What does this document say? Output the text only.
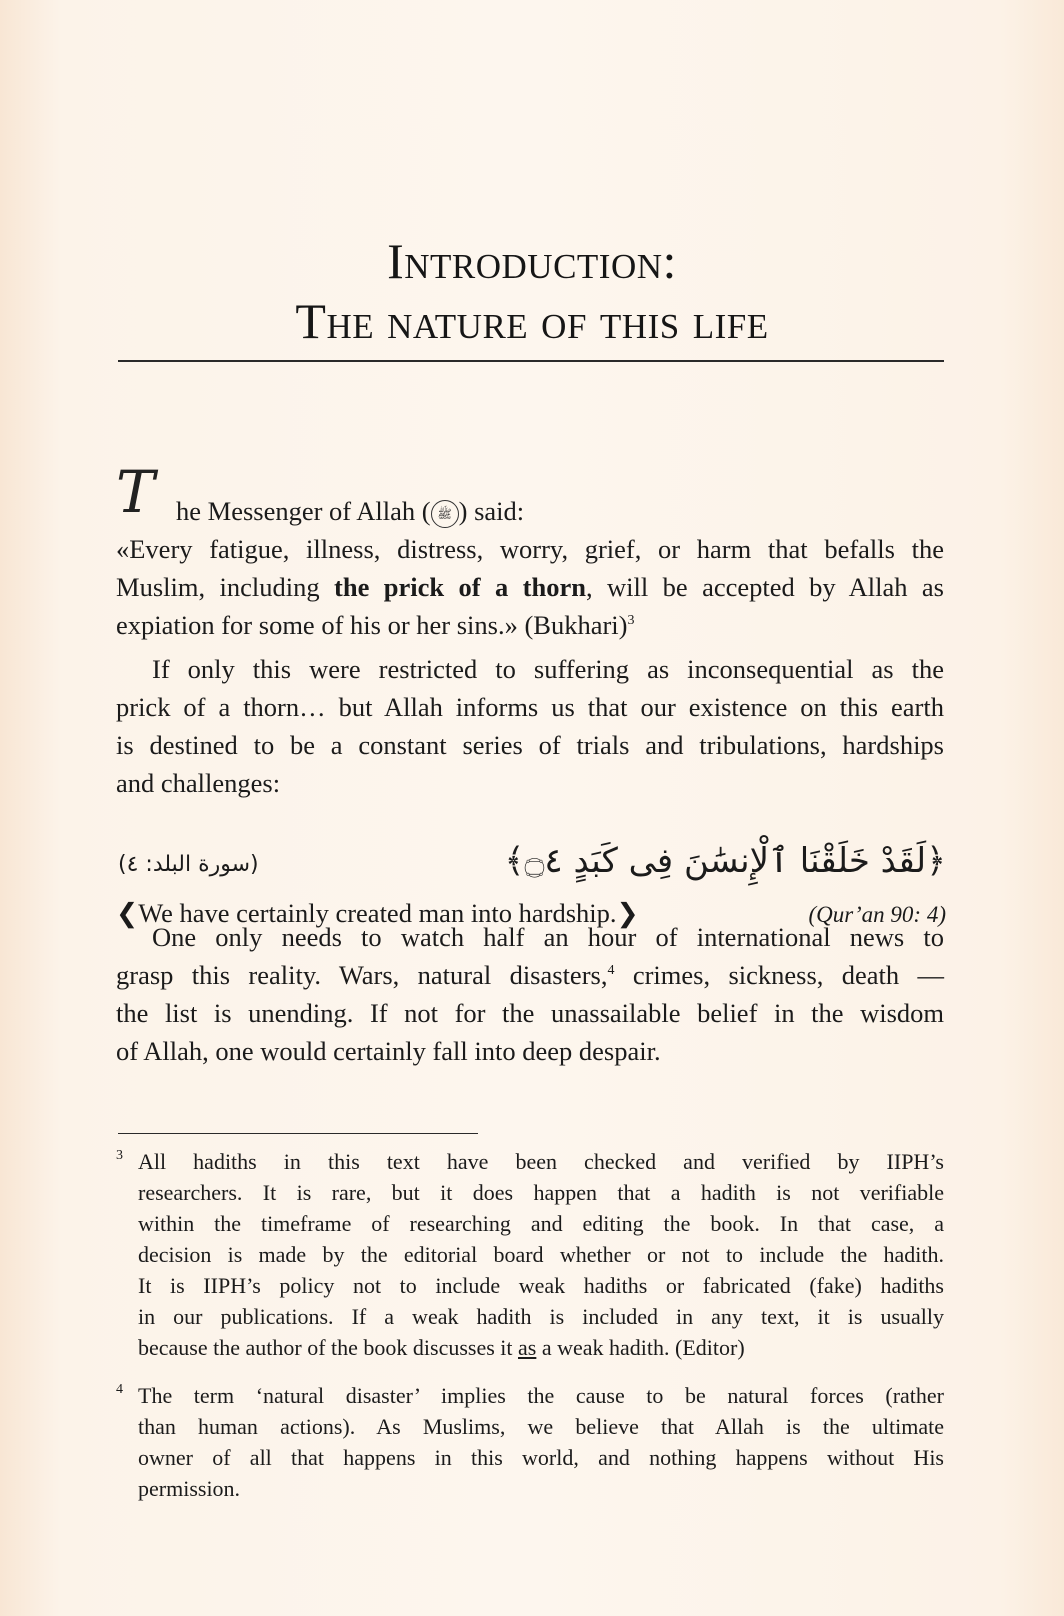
Introduction:
The nature of this life
T he Messenger of Allah ( ﷺ ) said:
«Every fatigue, illness, distress, worry, grief, or harm that befalls the
Muslim, including the prick of a thorn, will be accepted by Allah as
expiation for some of his or her sins.» (Bukhari)$^3$
If only this were restricted to suffering as inconsequential as the
prick of a thorn… but Allah informs us that our existence on this earth
is destined to be a constant series of trials and tribulations, hardships
and challenges:
(سورة البلد: ٤)	﴿لَقَدْ خَلَقْنَا ٱلْإِنسَٰنَ فِى كَبَدٍ ۝٤﴾
❮We have certainly created man into hardship.❯	(Qur’an 90: 4)
One only needs to watch half an hour of international news to
grasp this reality. Wars, natural disasters,$^4$ crimes, sickness, death —
the list is unending. If not for the unassailable belief in the wisdom
of Allah, one would certainly fall into deep despair.
3 All hadiths in this text have been checked and verified by IIPH’s
researchers. It is rare, but it does happen that a hadith is not verifiable
within the timeframe of researching and editing the book. In that case, a
decision is made by the editorial board whether or not to include the hadith.
It is IIPH’s policy not to include weak hadiths or fabricated (fake) hadiths
in our publications. If a weak hadith is included in any text, it is usually
because the author of the book discusses it as a weak hadith. (Editor)
4 The term ‘natural disaster’ implies the cause to be natural forces (rather
than human actions). As Muslims, we believe that Allah is the ultimate
owner of all that happens in this world, and nothing happens without His
permission.
